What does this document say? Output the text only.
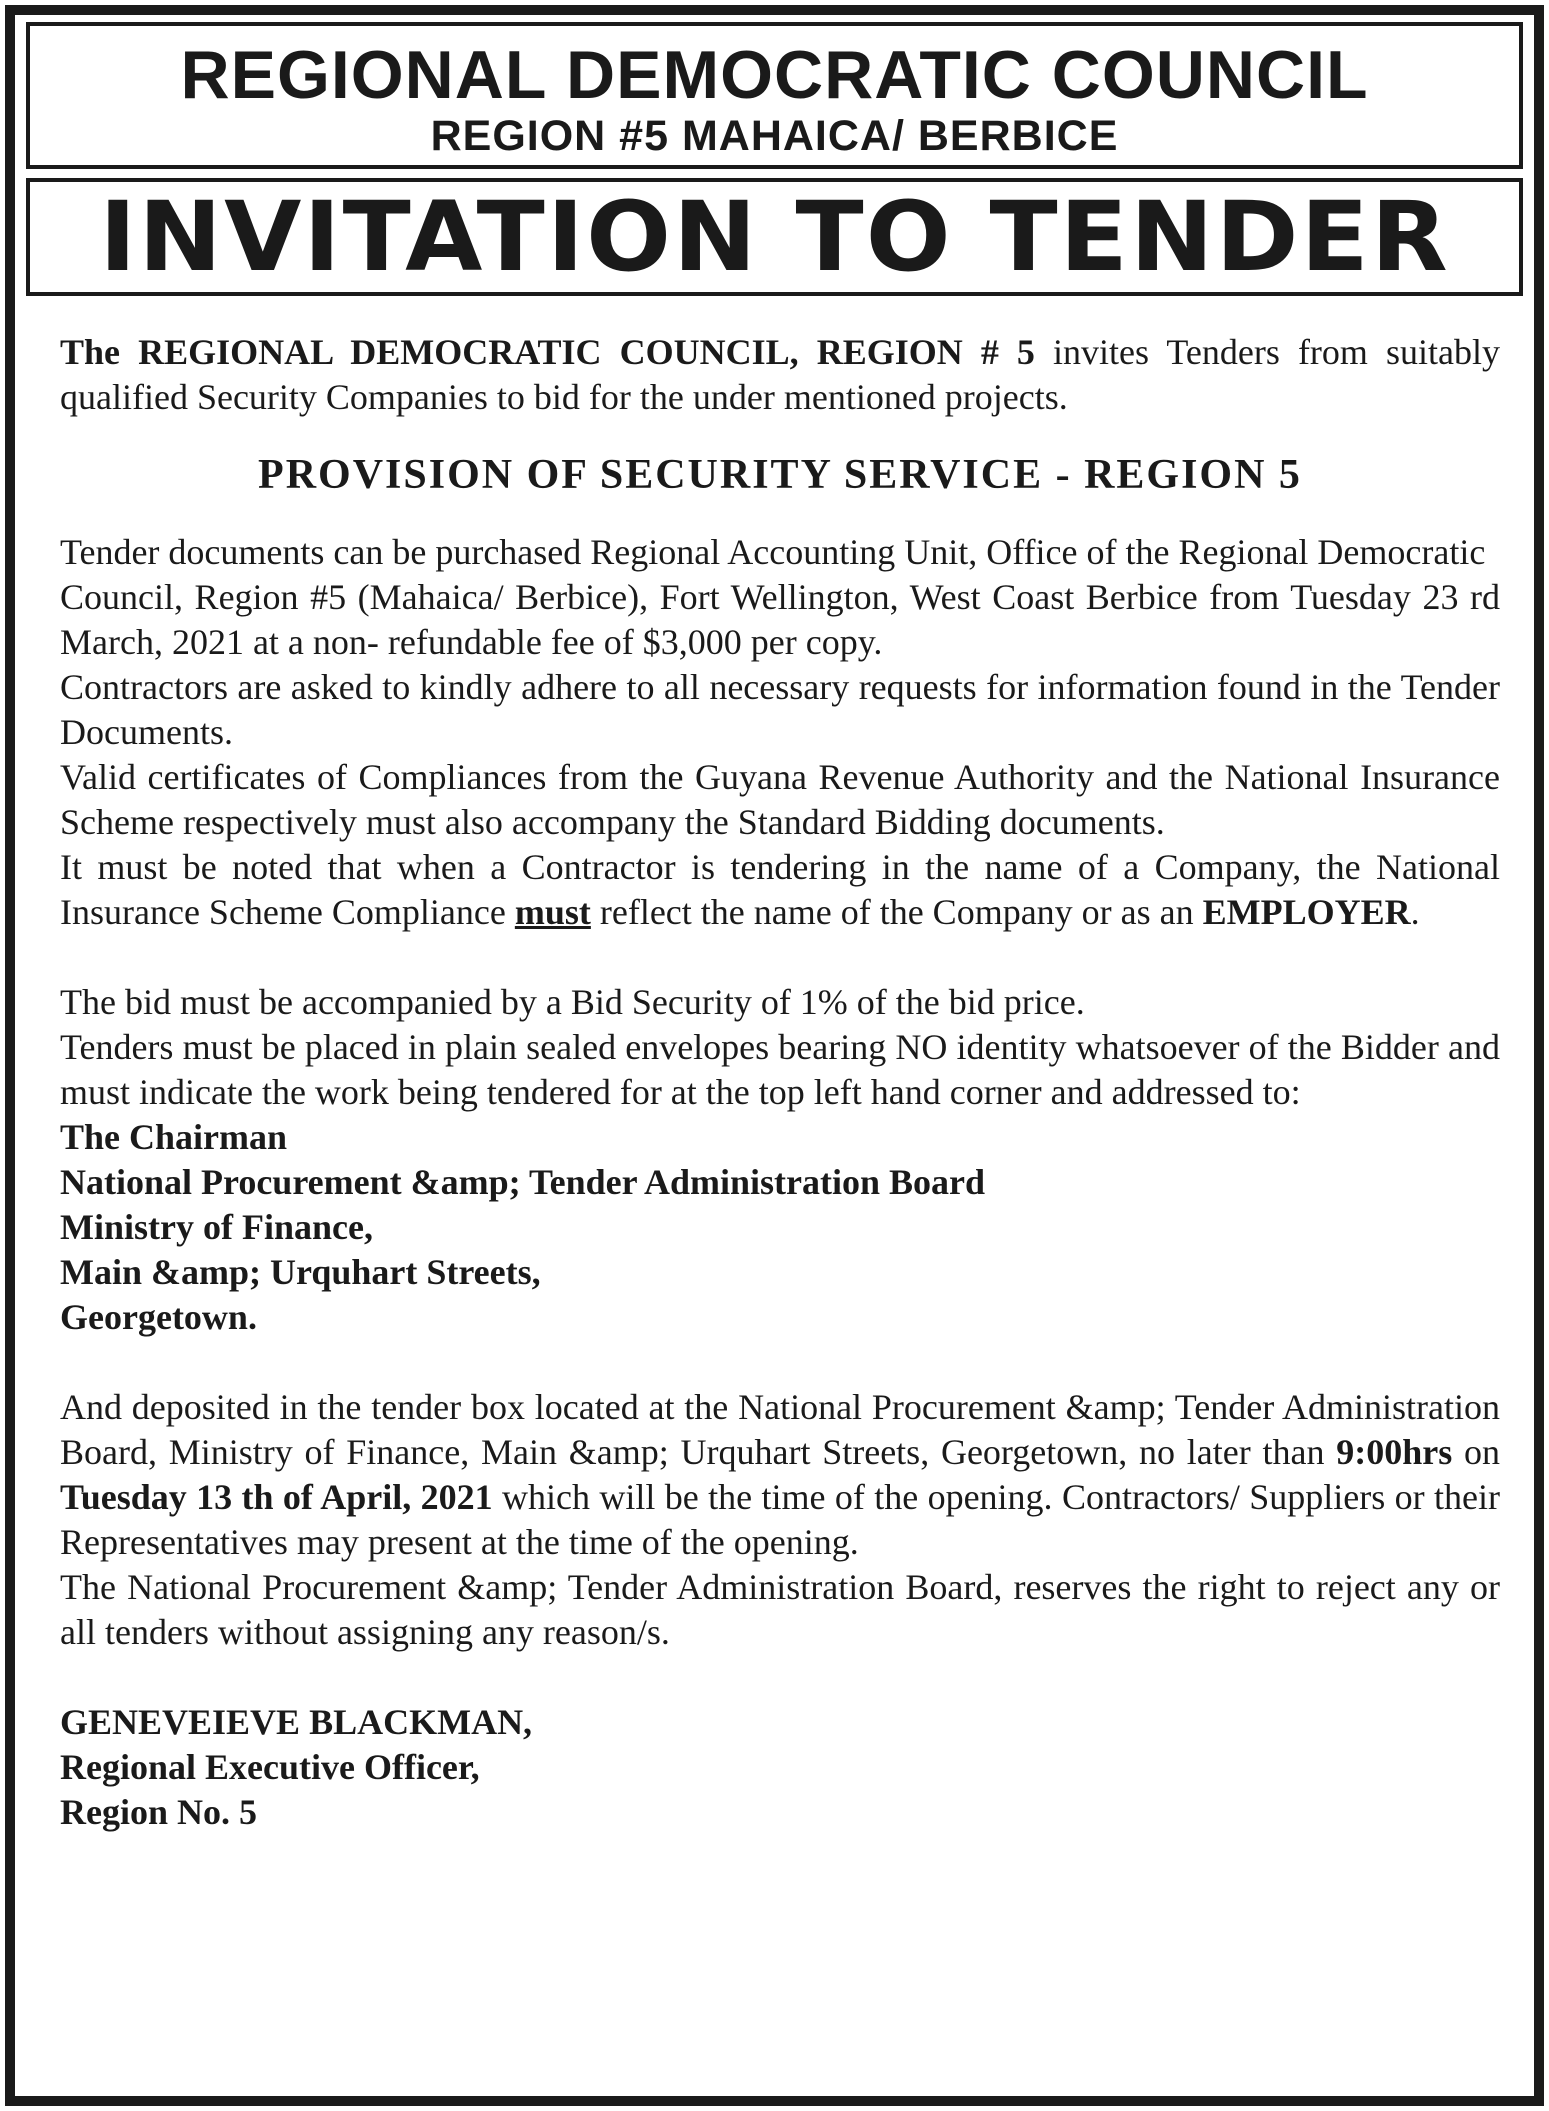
REGIONAL DEMOCRATIC COUNCIL
REGION #5 MAHAICA/ BERBICE
INVITATION TO TENDER

The REGIONAL DEMOCRATIC COUNCIL, REGION # 5 invites Tenders from suitably qualified Security Companies to bid for the under mentioned projects.

PROVISION OF SECURITY SERVICE - REGION 5

Tender documents can be purchased Regional Accounting Unit, Office of the Regional Democratic

Council, Region #5 (Mahaica/ Berbice), Fort Wellington, West Coast Berbice from Tuesday 23 rd March, 2021 at a non- refundable fee of $3,000 per copy.

Contractors are asked to kindly adhere to all necessary requests for information found in the Tender Documents.

Valid certificates of Compliances from the Guyana Revenue Authority and the National Insurance Scheme respectively must also accompany the Standard Bidding documents.

It must be noted that when a Contractor is tendering in the name of a Company, the National Insurance Scheme Compliance must reflect the name of the Company or as an EMPLOYER.

The bid must be accompanied by a Bid Security of 1% of the bid price.

Tenders must be placed in plain sealed envelopes bearing NO identity whatsoever of the Bidder and must indicate the work being tendered for at the top left hand corner and addressed to:

The Chairman

National Procurement &amp; Tender Administration Board

Ministry of Finance,

Main &amp; Urquhart Streets,

Georgetown.

And deposited in the tender box located at the National Procurement &amp; Tender Administration Board, Ministry of Finance, Main &amp; Urquhart Streets, Georgetown, no later than 9:00hrs on Tuesday 13 th of April, 2021 which will be the time of the opening. Contractors/ Suppliers or their Representatives may present at the time of the opening.

The National Procurement &amp; Tender Administration Board, reserves the right to reject any or all tenders without assigning any reason/s.

GENEVEIEVE BLACKMAN,

Regional Executive Officer,

Region No. 5
